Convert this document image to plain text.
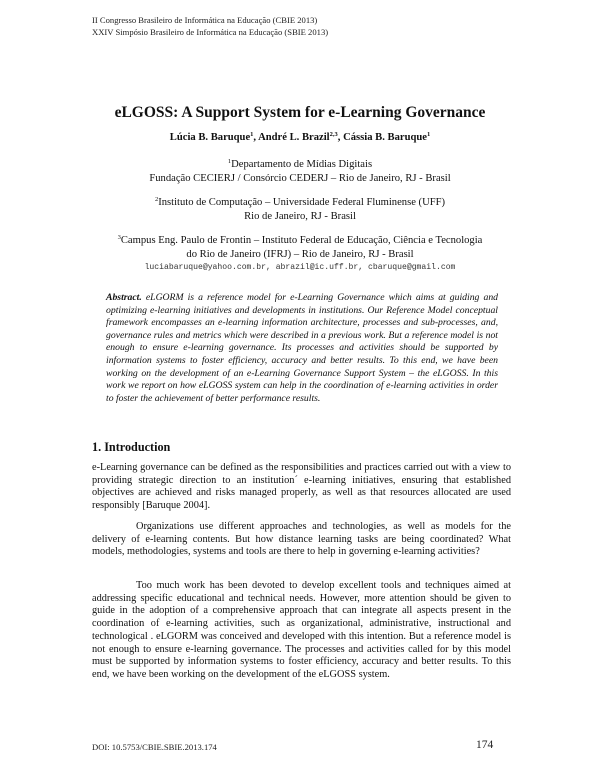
II Congresso Brasileiro de Informática na Educação (CBIE 2013)
XXIV Simpósio Brasileiro de Informática na Educação (SBIE 2013)
eLGOSS: A Support System for e-Learning Governance
Lúcia B. Baruque$^1$, André L. Brazil$^{2,3}$, Cássia B. Baruque$^1$
$^1$Departamento de Mídias Digitais
Fundação CECIERJ / Consórcio CEDERJ – Rio de Janeiro, RJ - Brasil
$^2$Instituto de Computação – Universidade Federal Fluminense (UFF)
Rio de Janeiro, RJ - Brasil
$^3$Campus Eng. Paulo de Frontin – Instituto Federal de Educação, Ciência e Tecnologia
do Rio de Janeiro (IFRJ) – Rio de Janeiro, RJ - Brasil
luciabaruque@yahoo.com.br, abrazil@ic.uff.br, cbaruque@gmail.com
Abstract. eLGORM is a reference model for e-Learning Governance which aims at guiding and optimizing e-learning initiatives and developments in institutions. Our Reference Model conceptual framework encompasses an e-learning information architecture, processes and sub-processes, and, governance rules and metrics which were described in a previous work. But a reference model is not enough to ensure e-learning governance. Its processes and activities should be supported by information systems to foster efficiency, accuracy and better results. To this end, we have been working on the development of an e-Learning Governance Support System – the eLGOSS. In this work we report on how eLGOSS system can help in the coordination of e-learning activities in order to foster the achievement of better performance results.
1. Introduction

e-Learning governance can be defined as the responsibilities and practices carried out with a view to providing strategic direction to an institution´ e-learning initiatives, ensuring that established objectives are achieved and risks managed properly, as well as that resources allocated are used responsibly [Baruque 2004].

Organizations use different approaches and technologies, as well as models for the delivery of e-learning contents. But how distance learning tasks are being coordinated? What models, methodologies, systems and tools are there to help in governing e-learning activities?

Too much work has been devoted to develop excellent tools and techniques aimed at addressing specific educational and technical needs. However, more attention should be given to guide in the adoption of a comprehensive approach that can integrate all aspects present in the coordination of e-learning activities, such as organizational, administrative, instructional and technological . eLGORM was conceived and developed with this intention. But a reference model is not enough to ensure e-learning governance. The processes and activities called for by this model must be supported by information systems to foster efficiency, accuracy and better results. To this end, we have been working on the development of the eLGOSS system.

DOI: 10.5753/CBIE.SBIE.2013.174	174
